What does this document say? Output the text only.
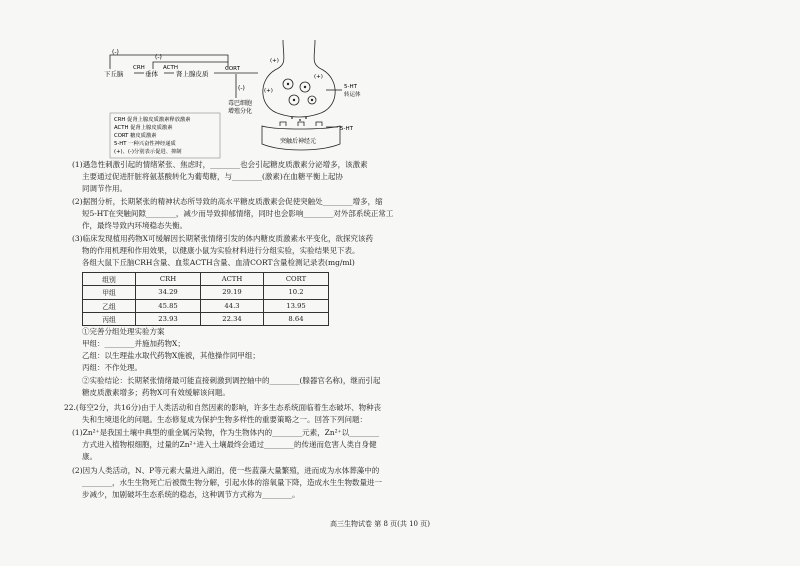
(-)
(-)
下丘脑
CRH
垂体
ACTH
肾上腺皮质
CORT
(-)
毒巴细胞
增殖分化
(+)
(+)
(+)
5-HT
转运体
5-HT
突触后神经元
CRH 促肾上腺皮质激素释放激素
ACTH 促肾上腺皮质激素
CORT 糖皮质激素
5-HT 一种兴奋性神经递质
(+)、(-)分别表示促进、抑制
(1)遇急性刺激引起的情绪紧张、焦虑时，________也会引起糖皮质激素分泌增多，该激素
主要通过促进肝脏将氨基酸转化为葡萄糖，与________(激素)在血糖平衡上起协
同调节作用。
(2)据图分析，长期紧张的精神状态所导致的高水平糖皮质激素会促使突触处________增多，缩
短5-HT在突触间隙________，减少而导致抑郁情绪，同时也会影响________对外部系统正常工
作，最终导致内环境稳态失衡。
(3)临床发现植用药物X可缓解因长期紧张情绪引发的体内糖皮质激素水平变化，欲探究该药
物的作用机理和作用效果，以健康小鼠为实验材料进行分组实验，实验结果见下表。
各组大鼠下丘脑CRH含量、血浆ACTH含量、血清CORT含量检测记录表(mg/ml)
组别	CRH	ACTH	CORT
甲组	34.29	29.19	10.2
乙组	45.85	44.3	13.95
丙组	23.93	22.34	8.64
①完善分组处理实验方案
甲组：________并施加药物X；
乙组：以生理盐水取代药物X施被，其他操作同甲组；
丙组：不作处理。
②实验结论：长期紧张情绪最可能直接刺激到调控轴中的________(腺器官名称)，继而引起
糖皮质激素增多；药物X可有效缓解该问题。
22.(每空2分，共16分)由于人类活动和自然因素的影响，许多生态系统面临着生态破坏、物种丧
失和生境退化的问题。生态修复成为保护生物多样性的重要策略之一。回答下列问题：
(1)Zn²⁺是我国土壤中典型的重金属污染物，作为生物体内的________元素，Zn²⁺以________
方式进入植物根细胞，过量的Zn²⁺进入土壤最终会通过________的传递而危害人类自身健
康。
(2)因为人类活动，N、P等元素大量进入湖泊，使一些蓝藻大量繁殖，进而成为水体葬藻中的
________，水生生物死亡后被微生物分解，引起水体的溶氧量下降，造成水生生物数量进一
步减少，加剧破坏生态系统的稳态，这种调节方式称为________。
高三生物试卷 第 8 页(共 10 页)
